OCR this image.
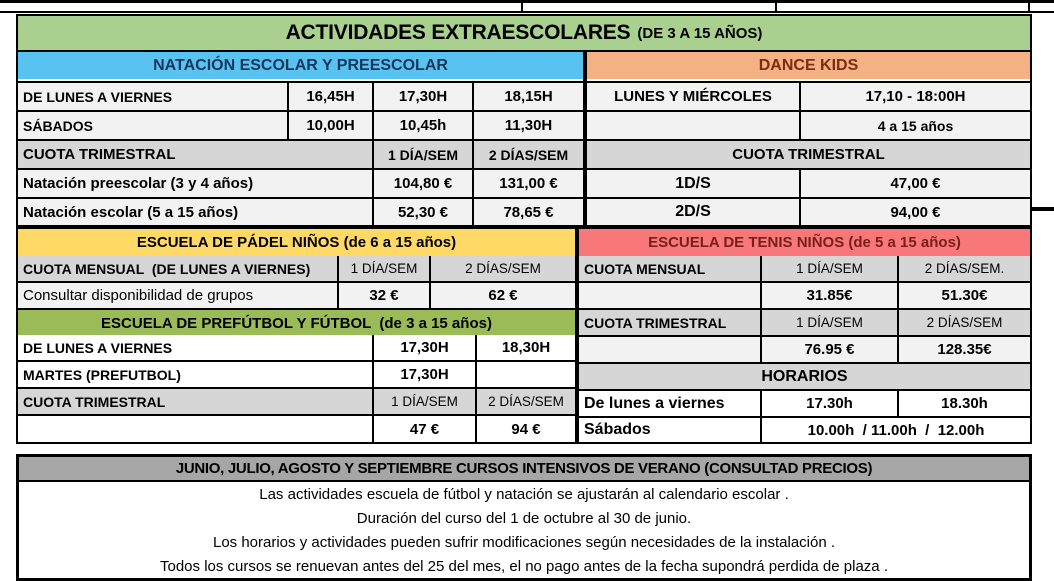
ACTIVIDADES EXTRAESCOLARES (DE 3 A 15 AÑOS)
NATACIÓN ESCOLAR Y PREESCOLAR
DE LUNES A VIERNES	16,45H	17,30H	18,15H
SÁBADOS	10,00H	10,45h	11,30H
CUOTA TRIMESTRAL	1 DÍA/SEM	2 DÍAS/SEM
Natación preescolar (3 y 4 años)	104,80 €	131,00 €
Natación escolar (5 a 15 años)	52,30 €	78,65 €
DANCE KIDS
LUNES Y MIÉRCOLES	17,10 - 18:00H
4 a 15 años
CUOTA TRIMESTRAL
1D/S	47,00 €
2D/S	94,00 €
ESCUELA DE PÁDEL NIÑOS (de 6 a 15 años)
CUOTA MENSUAL  (DE LUNES A VIERNES)	1 DÍA/SEM	2 DÍAS/SEM
Consultar disponibilidad de grupos	32 €	62 €
ESCUELA DE PREFÚTBOL Y FÚTBOL  (de 3 a 15 años)
DE LUNES A VIERNES	17,30H	18,30H
MARTES (PREFUTBOL)	17,30H
CUOTA TRIMESTRAL	1 DÍA/SEM	2 DÍAS/SEM
47 €	94 €
ESCUELA DE TENIS NIÑOS (de 5 a 15 años)
CUOTA MENSUAL	1 DÍA/SEM	2 DÍAS/SEM.
31.85€	51.30€
CUOTA TRIMESTRAL	1 DÍA/SEM	2 DÍAS/SEM
76.95 €	128.35€
HORARIOS
De lunes a viernes	17.30h	18.30h
Sábados	10.00h  / 11.00h  /  12.00h
JUNIO, JULIO, AGOSTO Y SEPTIEMBRE CURSOS INTENSIVOS DE VERANO (CONSULTAD PRECIOS)
Las actividades escuela de fútbol y natación se ajustarán al calendario escolar .
Duración del curso del 1 de octubre al 30 de junio.
Los horarios y actividades pueden sufrir modificaciones según necesidades de la instalación .
Todos los cursos se renuevan antes del 25 del mes, el no pago antes de la fecha supondrá perdida de plaza .
